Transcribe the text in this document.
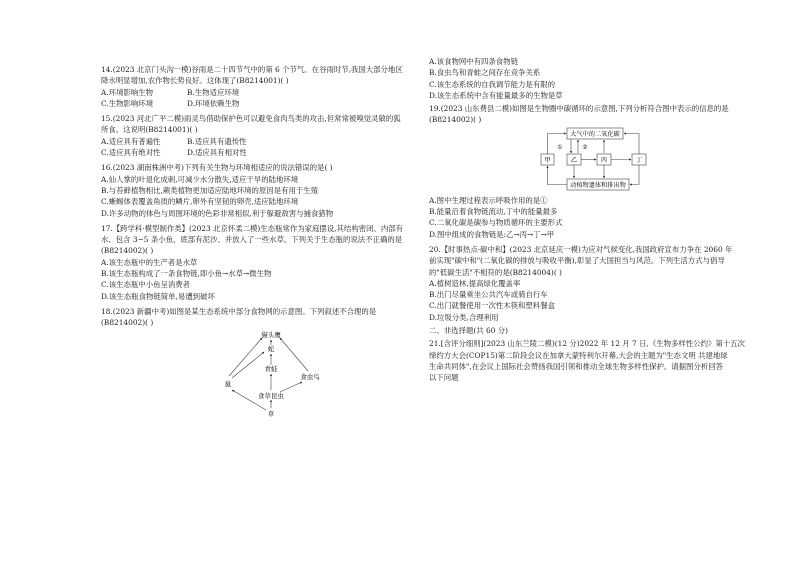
14.(2023 北京门头沟一模)谷雨是二十四节气中的第 6 个节气。在谷雨时节,我国大部分地区
降水明显增加,农作物长势良好。这体现了(B8214001)( )
A.环境影响生物	B.生物适应环境
C.生物影响环境	D.环境依赖生物
15.(2023 河北广平二模)雨灵鸟借助保护色可以避免食肉鸟类的攻击,但常常被嗅觉灵敏的狐
所食。这说明(B8214001)( )
A.适应具有普遍性	B.适应具有遗传性
C.适应具有绝对性	D.适应具有相对性
16.(2023 湖南株洲中考)下列有关生物与环境相适应的说法错误的是( )
A.仙人掌的叶退化成刺,可减少水分散失,适应干旱的陆地环境
B.与苔藓植物相比,蕨类植物更加适应陆地环境的原因是有用于生殖
C.蜥蜴体表覆盖角质的鳞片,卵外有坚韧的卵壳,适应陆地环境
D.许多动物的体色与周围环境的色彩非常相似,利于躲避敌害与捕食猎物
17.【跨学科·模型制作类】(2023 北京怀柔二模)生态瓶常作为家庭摆设,其结构密闭、内部有
水、包含 3~5 条小鱼、底部有泥沙、并放入了一些水草。下列关于生态瓶的说法不正确的是
(B8214002)( )
A.该生态瓶中的生产者是水草
B.该生态瓶构成了一条食物链,即小鱼→水草→微生物
C.该生态瓶中小鱼呈消费者
D.该生态瓶食物链简单,易遭到破坏
18.(2023 新疆中考)如图是某生态系统中部分食物网的示意图。下列叙述不合理的是
(B8214002)( )
猫头鹰
蛇
青蛙
鼠
食虫鸟
食草昆虫
草
A.该食物网中有四条食物链
B.食虫鸟和青蛙之间存在竞争关系
C.该生态系统的自我调节能力是有限的
D.该生态系统中含有能量最多的生物是草
19.(2023 山东费县二模)如图是生物圈中碳循环的示意图,下列分析符合图中表示的信息的是
(B8214002)( )
大气中的二氧化碳
甲	乙	丙	丁
动植物遗体和排出物
①	②
A.图中生理过程表示呼吸作用的是①
B.能量沿着食物链流动,丁中的能量最多
C.二氧化碳是碳参与物质循环的主要形式
D.图中组成的食物链是:乙→丙→丁→甲
20.【时事热点·碳中和】(2023 北京延庆一模)为应对气候变化,我国政府宣布力争在 2060 年
前实现"碳中和"(二氧化碳的排放与吸收平衡),彰显了大国担当与风范。下列生活方式与倡导
的"低碳生活"不相符的是(B8214004)( )
A.植树造林,提高绿化覆盖率
B.出门尽量乘坐公共汽车或骑自行车
C.出门就餐使用一次性木筷和塑料餐盒
D.垃圾分类,合理利用
二、非选择题(共 60 分)
21.[含评分细则](2023 山东兰陵二模)(12 分)2022 年 12 月 7 日,《生物多样性公约》第十五次
缔约方大会(COP15)第二阶段会议在加拿大蒙特利尔开幕,大会的主题为"生态文明 共建地球
生命共同体",在会议上国际社会赞扬我国引领和推动全球生物多样性保护。请据图分析回答
以下问题
